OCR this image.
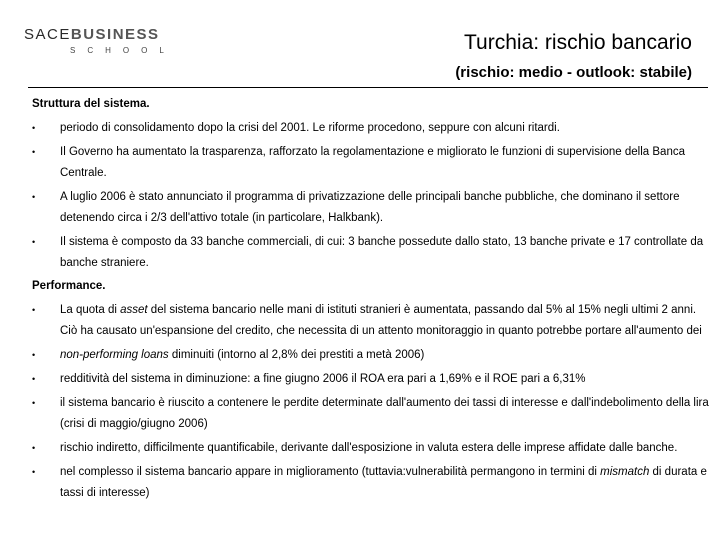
SACEBUSINESS
SCHOOL	Turchia: rischio bancario
(rischio: medio - outlook: stabile)
Struttura del sistema.
• periodo di consolidamento dopo la crisi del 2001. Le riforme procedono, seppure con alcuni ritardi.
• Il Governo ha aumentato la trasparenza, rafforzato la regolamentazione e migliorato le funzioni di supervisione della Banca Centrale.
• A luglio 2006 è stato annunciato il programma di privatizzazione delle principali banche pubbliche, che dominano il settore detenendo circa i 2/3 dell'attivo totale (in particolare, Halkbank).
• Il sistema è composto da 33 banche commerciali, di cui: 3 banche possedute dallo stato, 13 banche private e 17 controllate da banche straniere.
Performance.
• La quota di asset del sistema bancario nelle mani di istituti stranieri è aumentata, passando dal 5% al 15% negli ultimi 2 anni. Ciò ha causato un'espansione del credito, che necessita di un attento monitoraggio in quanto potrebbe portare all'aumento dei
• non-performing loans diminuiti (intorno al 2,8% dei prestiti a metà 2006)
• redditività del sistema in diminuzione: a fine giugno 2006 il ROA era pari a 1,69% e il ROE pari a 6,31%
• il sistema bancario è riuscito a contenere le perdite determinate dall'aumento dei tassi di interesse e dall'indebolimento della lira (crisi di maggio/giugno 2006)
• rischio indiretto, difficilmente quantificabile, derivante dall'esposizione in valuta estera delle imprese affidate dalle banche.
• nel complesso il sistema bancario appare in miglioramento (tuttavia:vulnerabilità permangono in termini di mismatch di durata e tassi di interesse)
